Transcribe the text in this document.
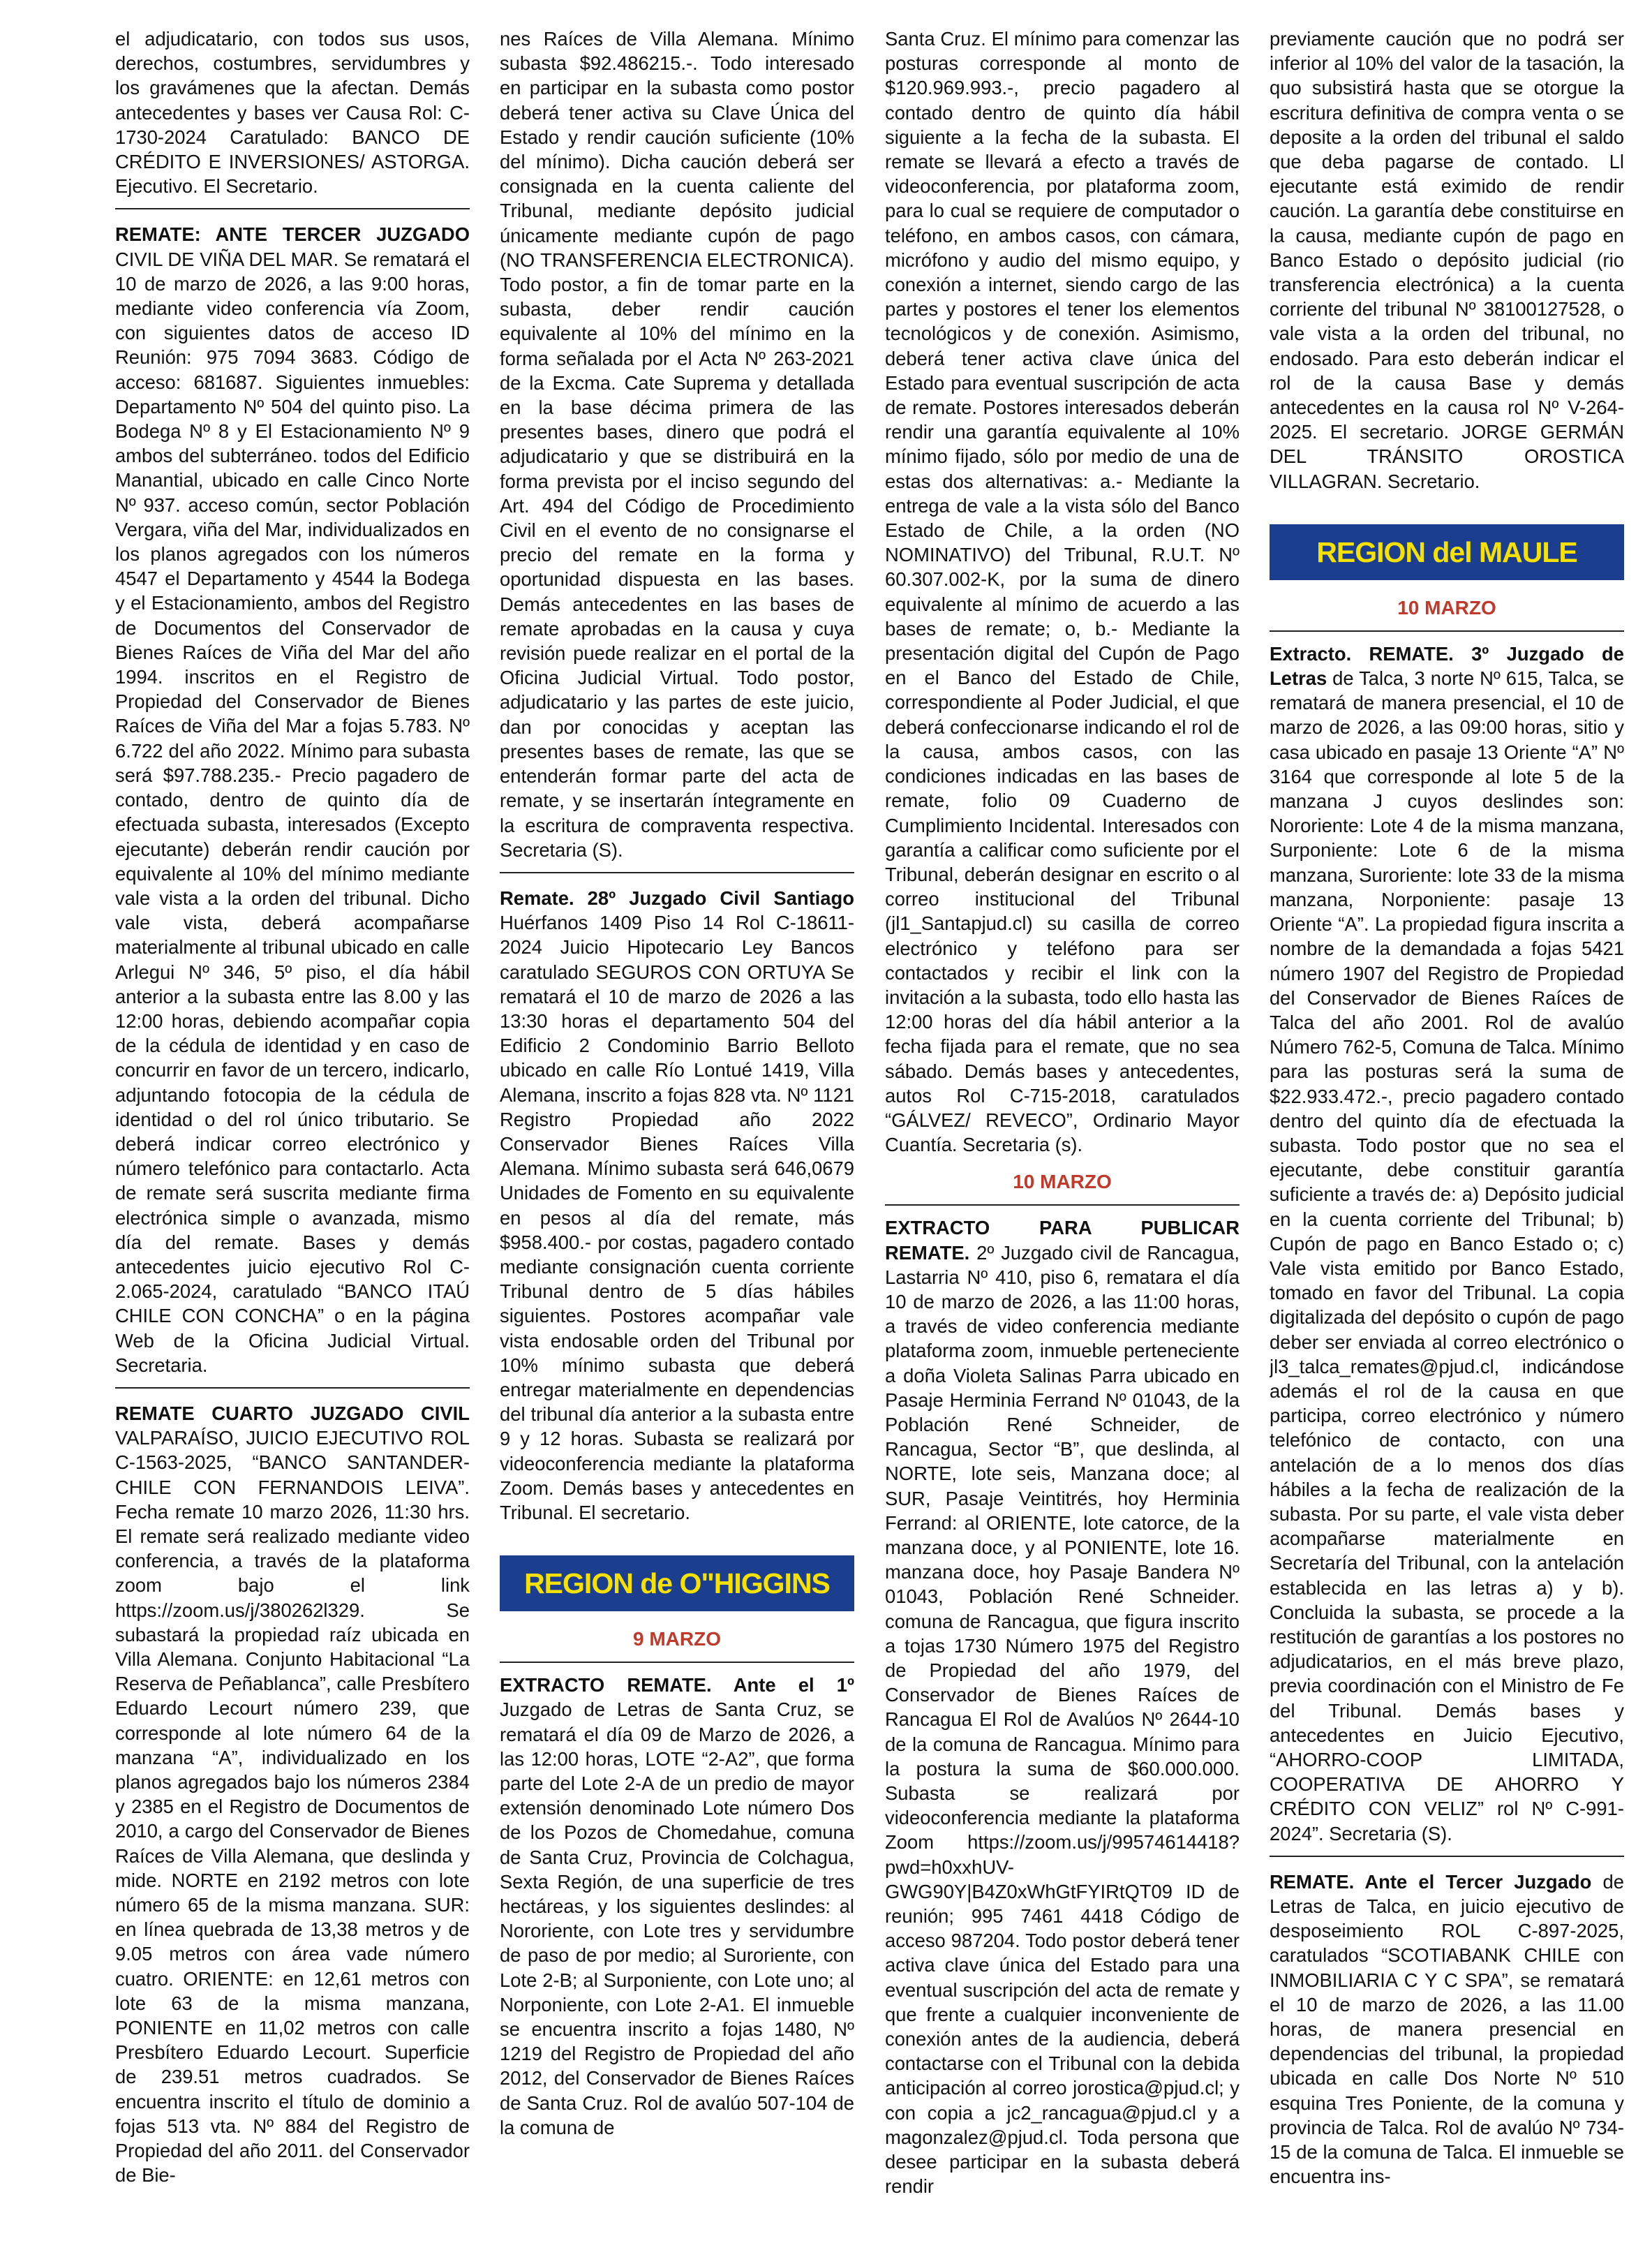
el adjudicatario, con todos sus usos, derechos, costumbres, servidumbres y los gravámenes que la afectan. Demás antecedentes y bases ver Causa Rol: C-1730-2024 Caratulado: BANCO DE CRÉDITO E INVERSIONES/ ASTORGA. Ejecutivo. El Secretario.

REMATE: ANTE TERCER JUZGADO CIVIL DE VIÑA DEL MAR. Se rematará el 10 de marzo de 2026, a las 9:00 horas, mediante video conferencia vía Zoom, con siguientes datos de acceso ID Reunión: 975 7094 3683. Código de acceso: 681687. Siguientes inmuebles: Departamento Nº 504 del quinto piso. La Bodega Nº 8 y El Estacionamiento Nº 9 ambos del subterráneo. todos del Edificio Manantial, ubicado en calle Cinco Norte Nº 937. acceso común, sector Población Vergara, viña del Mar, individualizados en los planos agregados con los números 4547 el Departamento y 4544 la Bodega y el Estacionamiento, ambos del Registro de Documentos del Conservador de Bienes Raíces de Viña del Mar del año 1994. inscritos en el Registro de Propiedad del Conservador de Bienes Raíces de Viña del Mar a fojas 5.783. Nº 6.722 del año 2022. Mínimo para subasta será $97.788.235.- Precio pagadero de contado, dentro de quinto día de efectuada subasta, interesados (Excepto ejecutante) deberán rendir caución por equivalente al 10% del mínimo mediante vale vista a la orden del tribunal. Dicho vale vista, deberá acompañarse materialmente al tribunal ubicado en calle Arlegui Nº 346, 5º piso, el día hábil anterior a la subasta entre las 8.00 y las 12:00 horas, debiendo acompañar copia de la cédula de identidad y en caso de concurrir en favor de un tercero, indicarlo, adjuntando fotocopia de la cédula de identidad o del rol único tributario. Se deberá indicar correo electrónico y número telefónico para contactarlo. Acta de remate será suscrita mediante firma electrónica simple o avanzada, mismo día del remate. Bases y demás antecedentes juicio ejecutivo Rol C-2.065-2024, caratulado “BANCO ITAÚ CHILE CON CONCHA” o en la página Web de la Oficina Judicial Virtual. Secretaria.

REMATE CUARTO JUZGADO CIVIL VALPARAÍSO, JUICIO EJECUTIVO ROL C-1563-2025, “BANCO SANTANDER-CHILE CON FERNANDOIS LEIVA”. Fecha remate 10 marzo 2026, 11:30 hrs. El remate será realizado mediante video conferencia, a través de la plataforma zoom bajo el link https://zoom.us/j/380262l329. Se subastará la propiedad raíz ubicada en Villa Alemana. Conjunto Habitacional “La Reserva de Peñablanca”, calle Presbítero Eduardo Lecourt número 239, que corresponde al lote número 64 de la manzana “A”, individualizado en los planos agregados bajo los números 2384 y 2385 en el Registro de Documentos de 2010, a cargo del Conservador de Bienes Raíces de Villa Alemana, que deslinda y mide. NORTE en 2192 metros con lote número 65 de la misma manzana. SUR: en línea quebrada de 13,38 metros y de 9.05 metros con área vade número cuatro. ORIENTE: en 12,61 metros con lote 63 de la misma manzana, PONIENTE en 11,02 metros con calle Presbítero Eduardo Lecourt. Superficie de 239.51 metros cuadrados. Se encuentra inscrito el título de dominio a fojas 513 vta. Nº 884 del Registro de Propiedad del año 2011. del Conservador de Bie-

nes Raíces de Villa Alemana. Mínimo subasta $92.486215.-. Todo interesado en participar en la subasta como postor deberá tener activa su Clave Única del Estado y rendir caución suficiente (10% del mínimo). Dicha caución deberá ser consignada en la cuenta caliente del Tribunal, mediante depósito judicial únicamente mediante cupón de pago (NO TRANSFERENCIA ELECTRONICA). Todo postor, a fin de tomar parte en la subasta, deber rendir caución equivalente al 10% del mínimo en la forma señalada por el Acta Nº 263-2021 de la Excma. Cate Suprema y detallada en la base décima primera de las presentes bases, dinero que podrá el adjudicatario y que se distribuirá en la forma prevista por el inciso segundo del Art. 494 del Código de Procedimiento Civil en el evento de no consignarse el precio del remate en la forma y oportunidad dispuesta en las bases. Demás antecedentes en las bases de remate aprobadas en la causa y cuya revisión puede realizar en el portal de la Oficina Judicial Virtual. Todo postor, adjudicatario y las partes de este juicio, dan por conocidas y aceptan las presentes bases de remate, las que se entenderán formar parte del acta de remate, y se insertarán íntegramente en la escritura de compraventa respectiva. Secretaria (S).

Remate. 28º Juzgado Civil Santiago Huérfanos 1409 Piso 14 Rol C-18611-2024 Juicio Hipotecario Ley Bancos caratulado SEGUROS CON ORTUYA Se rematará el 10 de marzo de 2026 a las 13:30 horas el departamento 504 del Edificio 2 Condominio Barrio Belloto ubicado en calle Río Lontué 1419, Villa Alemana, inscrito a fojas 828 vta. Nº 1121 Registro Propiedad año 2022 Conservador Bienes Raíces Villa Alemana. Mínimo subasta será 646,0679 Unidades de Fomento en su equivalente en pesos al día del remate, más $958.400.- por costas, pagadero contado mediante consignación cuenta corriente Tribunal dentro de 5 días hábiles siguientes. Postores acompañar vale vista endosable orden del Tribunal por 10% mínimo subasta que deberá entregar materialmente en dependencias del tribunal día anterior a la subasta entre 9 y 12 horas. Subasta se realizará por videoconferencia mediante la plataforma Zoom. Demás bases y antecedentes en Tribunal. El secretario.

REGION de O"HIGGINS
9 MARZO

EXTRACTO REMATE. Ante el 1º Juzgado de Letras de Santa Cruz, se rematará el día 09 de Marzo de 2026, a las 12:00 horas, LOTE “2-A2”, que forma parte del Lote 2-A de un predio de mayor extensión denominado Lote número Dos de los Pozos de Chomedahue, comuna de Santa Cruz, Provincia de Colchagua, Sexta Región, de una superficie de tres hectáreas, y los siguientes deslindes: al Nororiente, con Lote tres y servidumbre de paso de por medio; al Suroriente, con Lote 2-B; al Surponiente, con Lote uno; al Norponiente, con Lote 2-A1. El inmueble se encuentra inscrito a fojas 1480, Nº 1219 del Registro de Propiedad del año 2012, del Conservador de Bienes Raíces de Santa Cruz. Rol de avalúo 507-104 de la comuna de

Santa Cruz. El mínimo para comenzar las posturas corresponde al monto de $120.969.993.-, precio pagadero al contado dentro de quinto día hábil siguiente a la fecha de la subasta. El remate se llevará a efecto a través de videoconferencia, por plataforma zoom, para lo cual se requiere de computador o teléfono, en ambos casos, con cámara, micrófono y audio del mismo equipo, y conexión a internet, siendo cargo de las partes y postores el tener los elementos tecnológicos y de conexión. Asimismo, deberá tener activa clave única del Estado para eventual suscripción de acta de remate. Postores interesados deberán rendir una garantía equivalente al 10% mínimo fijado, sólo por medio de una de estas dos alternativas: a.- Mediante la entrega de vale a la vista sólo del Banco Estado de Chile, a la orden (NO NOMINATIVO) del Tribunal, R.U.T. Nº 60.307.002-K, por la suma de dinero equivalente al mínimo de acuerdo a las bases de remate; o, b.- Mediante la presentación digital del Cupón de Pago en el Banco del Estado de Chile, correspondiente al Poder Judicial, el que deberá confeccionarse indicando el rol de la causa, ambos casos, con las condiciones indicadas en las bases de remate, folio 09 Cuaderno de Cumplimiento Incidental. Interesados con garantía a calificar como suficiente por el Tribunal, deberán designar en escrito o al correo institucional del Tribunal (jl1_Santapjud.cl) su casilla de correo electrónico y teléfono para ser contactados y recibir el link con la invitación a la subasta, todo ello hasta las 12:00 horas del día hábil anterior a la fecha fijada para el remate, que no sea sábado. Demás bases y antecedentes, autos Rol C-715-2018, caratulados “GÁLVEZ/ REVECO”, Ordinario Mayor Cuantía. Secretaria (s).

10 MARZO

EXTRACTO PARA PUBLICAR REMATE. 2º Juzgado civil de Rancagua, Lastarria Nº 410, piso 6, rematara el día 10 de marzo de 2026, a las 11:00 horas, a través de video conferencia mediante plataforma zoom, inmueble perteneciente a doña Violeta Salinas Parra ubicado en Pasaje Herminia Ferrand Nº 01043, de la Población René Schneider, de Rancagua, Sector “B”, que deslinda, al NORTE, lote seis, Manzana doce; al SUR, Pasaje Veintitrés, hoy Herminia Ferrand: al ORIENTE, lote catorce, de la manzana doce, y al PONIENTE, lote 16. manzana doce, hoy Pasaje Bandera Nº 01043, Población René Schneider. comuna de Rancagua, que figura inscrito a tojas 1730 Número 1975 del Registro de Propiedad del año 1979, del Conservador de Bienes Raíces de Rancagua El Rol de Avalúos Nº 2644-10 de la comuna de Rancagua. Mínimo para la postura la suma de $60.000.000. Subasta se realizará por videoconferencia mediante la plataforma Zoom https://zoom.us/j/99574614418?pwd=h0xxhUV-GWG90Y|B4Z0xWhGtFYIRtQT09 ID de reunión; 995 7461 4418 Código de acceso 987204. Todo postor deberá tener activa clave única del Estado para una eventual suscripción del acta de remate y que frente a cualquier inconveniente de conexión antes de la audiencia, deberá contactarse con el Tribunal con la debida anticipación al correo jorostica@pjud.cl; y con copia a jc2_rancagua@pjud.cl y a magonzalez@pjud.cl. Toda persona que desee participar en la subasta deberá rendir

previamente caución que no podrá ser inferior al 10% del valor de la tasación, la quo subsistirá hasta que se otorgue la escritura definitiva de compra venta o se deposite a la orden del tribunal el saldo que deba pagarse de contado. Ll ejecutante está eximido de rendir caución. La garantía debe constituirse en la causa, mediante cupón de pago en Banco Estado o depósito judicial (rio transferencia electrónica) a la cuenta corriente del tribunal Nº 38100127528, o vale vista a la orden del tribunal, no endosado. Para esto deberán indicar el rol de la causa Base y demás antecedentes en la causa rol Nº V-264-2025. El secretario. JORGE GERMÁN DEL TRÁNSITO OROSTICA VILLAGRAN. Secretario.

REGION del MAULE
10 MARZO

Extracto. REMATE. 3º Juzgado de Letras de Talca, 3 norte Nº 615, Talca, se rematará de manera presencial, el 10 de marzo de 2026, a las 09:00 horas, sitio y casa ubicado en pasaje 13 Oriente “A” Nº 3164 que corresponde al lote 5 de la manzana J cuyos deslindes son: Nororiente: Lote 4 de la misma manzana, Surponiente: Lote 6 de la misma manzana, Suroriente: lote 33 de la misma manzana, Norponiente: pasaje 13 Oriente “A”. La propiedad figura inscrita a nombre de la demandada a fojas 5421 número 1907 del Registro de Propiedad del Conservador de Bienes Raíces de Talca del año 2001. Rol de avalúo Número 762-5, Comuna de Talca. Mínimo para las posturas será la suma de $22.933.472.-, precio pagadero contado dentro del quinto día de efectuada la subasta. Todo postor que no sea el ejecutante, debe constituir garantía suficiente a través de: a) Depósito judicial en la cuenta corriente del Tribunal; b) Cupón de pago en Banco Estado o; c) Vale vista emitido por Banco Estado, tomado en favor del Tribunal. La copia digitalizada del depósito o cupón de pago deber ser enviada al correo electrónico o jl3_talca_remates@pjud.cl, indicándose además el rol de la causa en que participa, correo electrónico y número telefónico de contacto, con una antelación de a lo menos dos días hábiles a la fecha de realización de la subasta. Por su parte, el vale vista deber acompañarse materialmente en Secretaría del Tribunal, con la antelación establecida en las letras a) y b). Concluida la subasta, se procede a la restitución de garantías a los postores no adjudicatarios, en el más breve plazo, previa coordinación con el Ministro de Fe del Tribunal. Demás bases y antecedentes en Juicio Ejecutivo, “AHORRO-COOP LIMITADA, COOPERATIVA DE AHORRO Y CRÉDITO CON VELIZ” rol Nº C-991-2024”. Secretaria (S).

REMATE. Ante el Tercer Juzgado de Letras de Talca, en juicio ejecutivo de desposeimiento ROL C-897-2025, caratulados “SCOTIABANK CHILE con INMOBILIARIA C Y C SPA”, se rematará el 10 de marzo de 2026, a las 11.00 horas, de manera presencial en dependencias del tribunal, la propiedad ubicada en calle Dos Norte Nº 510 esquina Tres Poniente, de la comuna y provincia de Talca. Rol de avalúo Nº 734-15 de la comuna de Talca. El inmueble se encuentra ins-
